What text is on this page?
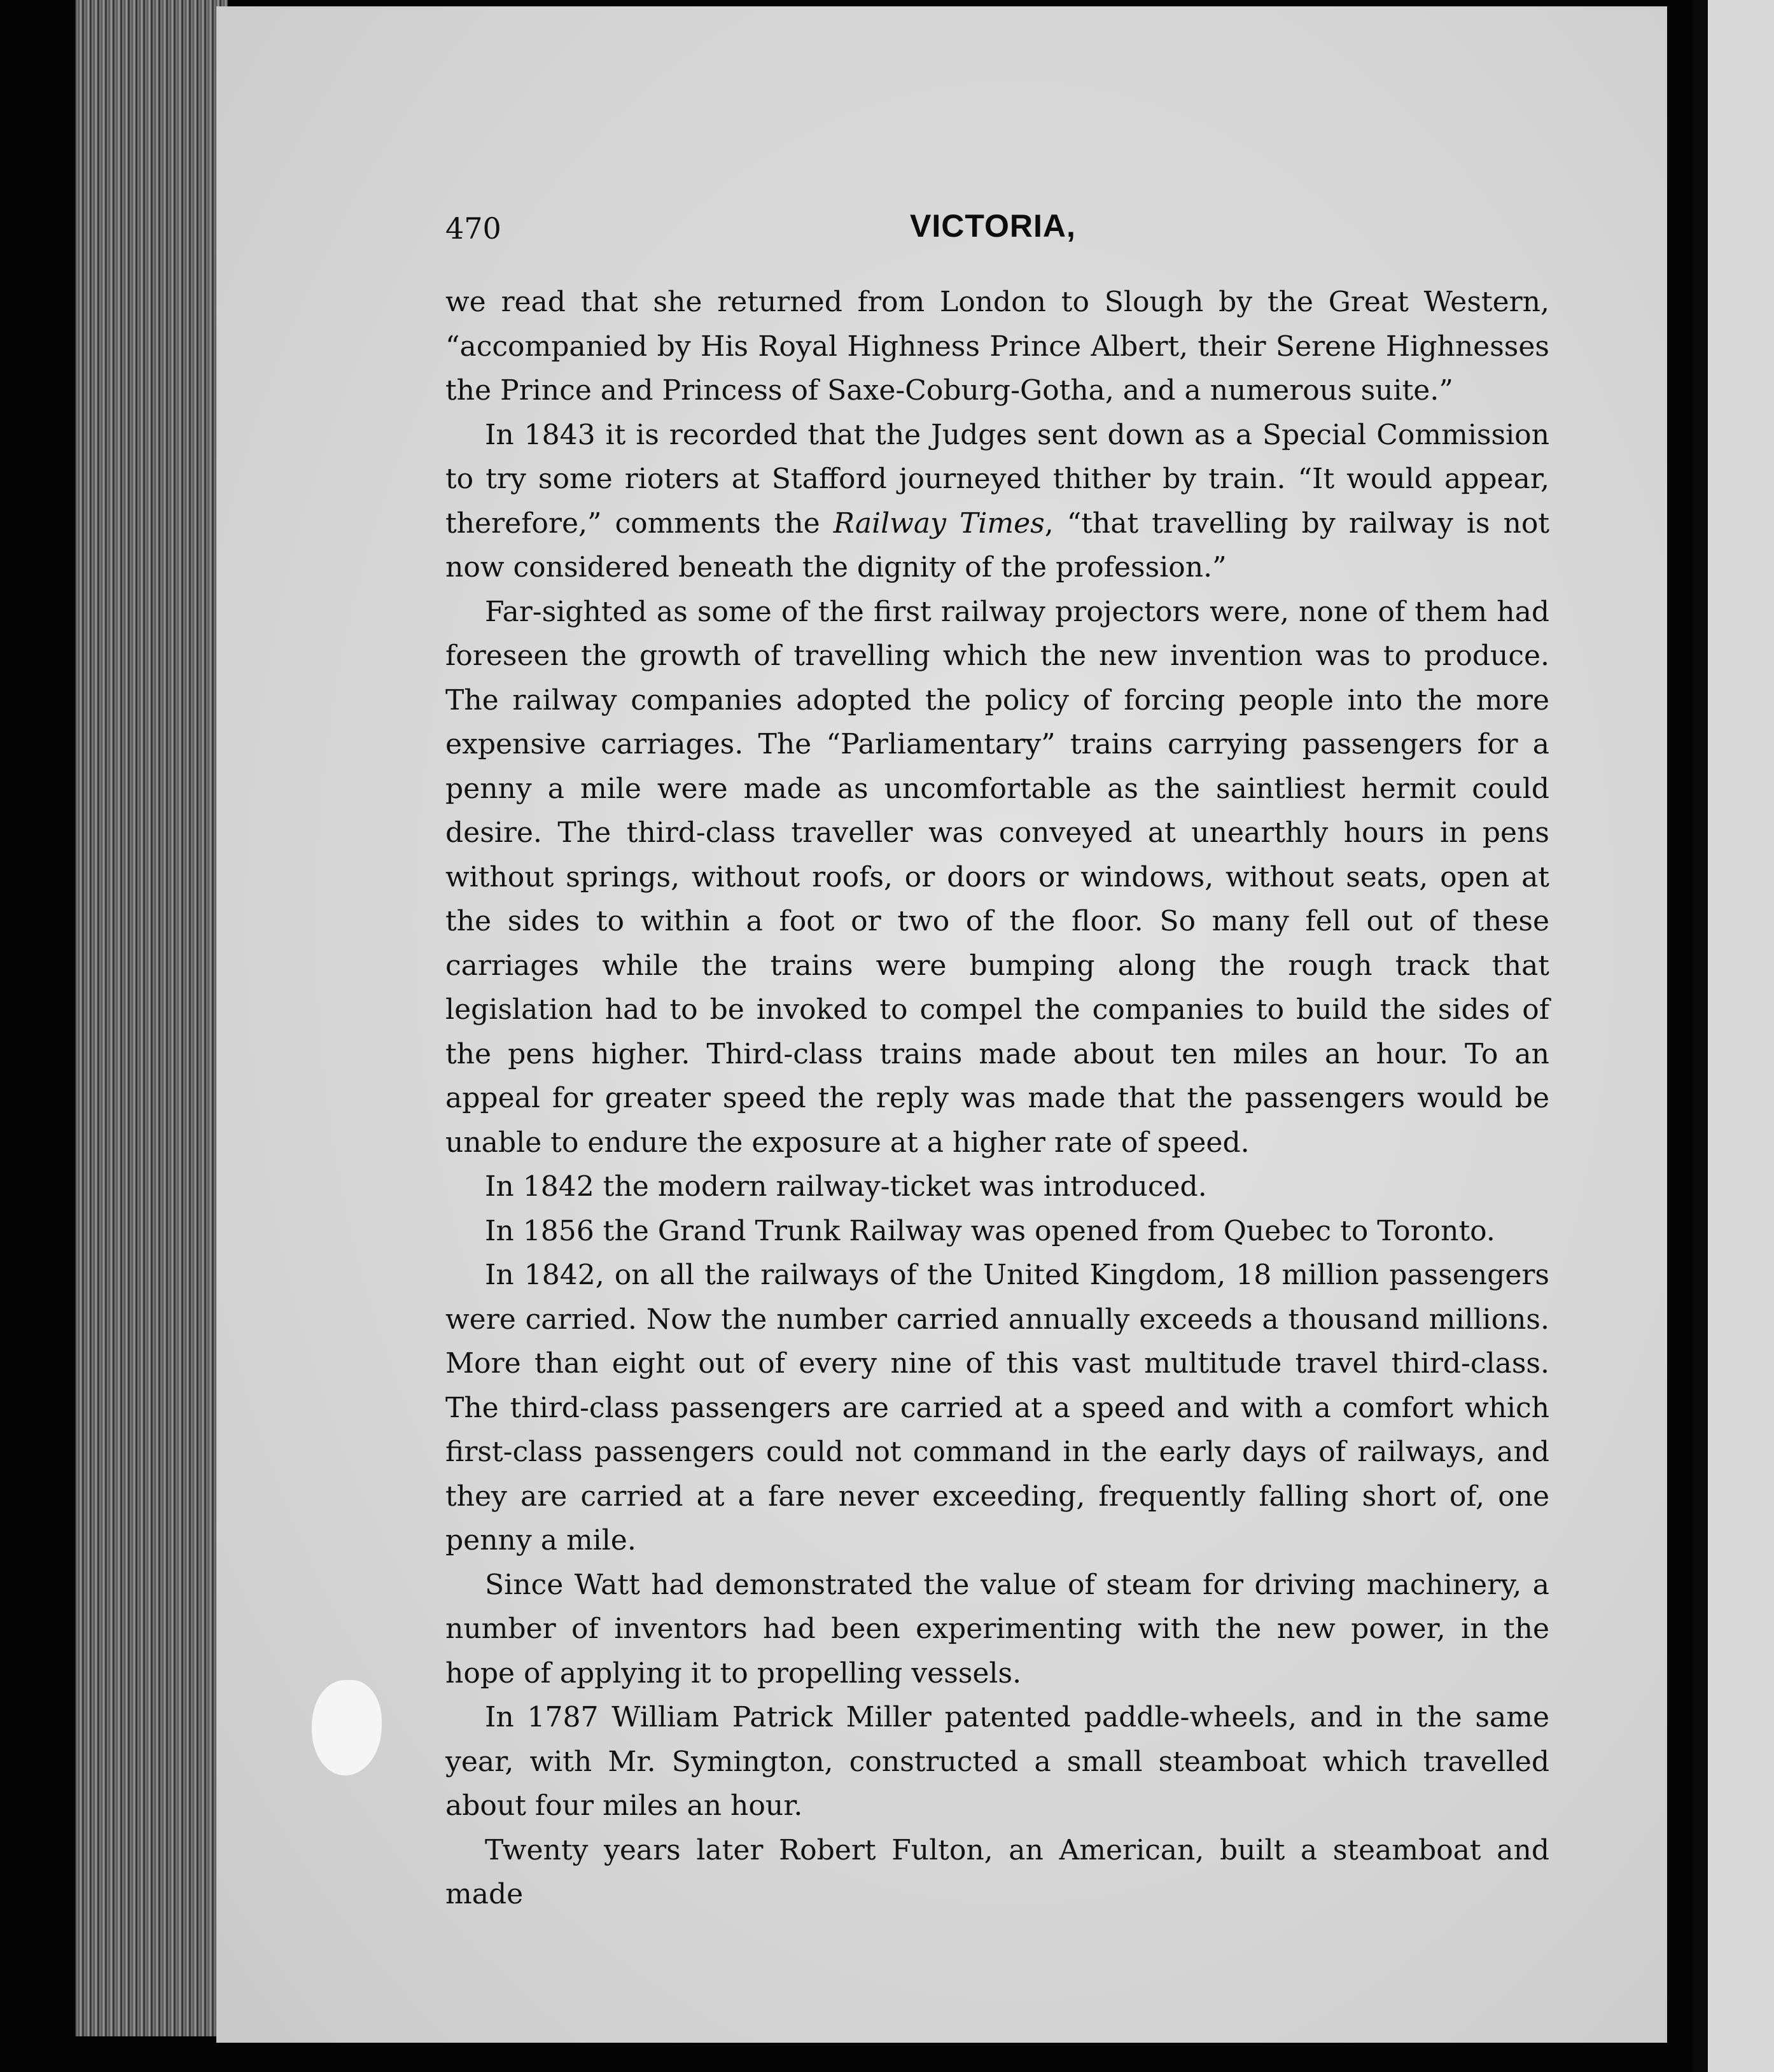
470	VICTORIA,

we read that she returned from London to Slough by the Great Western, “accompanied by His Royal Highness Prince Albert, their Serene Highnesses the Prince and Princess of Saxe-Coburg-Gotha, and a numerous suite.”

In 1843 it is recorded that the Judges sent down as a Special Commission to try some rioters at Stafford journeyed thither by train. “It would appear, therefore,” comments the Railway Times, “that travelling by railway is not now considered beneath the dignity of the profession.”

Far-sighted as some of the first railway projectors were, none of them had foreseen the growth of travelling which the new invention was to produce. The railway companies adopted the policy of forcing people into the more expensive carriages. The “Parliamentary” trains carrying passengers for a penny a mile were made as uncomfortable as the saintliest hermit could desire. The third-class traveller was conveyed at unearthly hours in pens without springs, without roofs, or doors or windows, without seats, open at the sides to within a foot or two of the floor. So many fell out of these carriages while the trains were bumping along the rough track that legislation had to be invoked to compel the companies to build the sides of the pens higher. Third-class trains made about ten miles an hour. To an appeal for greater speed the reply was made that the passengers would be unable to endure the exposure at a higher rate of speed.

In 1842 the modern railway-ticket was introduced.

In 1856 the Grand Trunk Railway was opened from Quebec to Toronto.

In 1842, on all the railways of the United Kingdom, 18 million passengers were carried. Now the number carried annually exceeds a thousand millions. More than eight out of every nine of this vast multitude travel third-class. The third-class passengers are carried at a speed and with a comfort which first-class passengers could not command in the early days of railways, and they are carried at a fare never exceeding, frequently falling short of, one penny a mile.

Since Watt had demonstrated the value of steam for driving machinery, a number of inventors had been experimenting with the new power, in the hope of applying it to propelling vessels.

In 1787 William Patrick Miller patented paddle-wheels, and in the same year, with Mr. Symington, constructed a small steamboat which travelled about four miles an hour.

Twenty years later Robert Fulton, an American, built a steamboat and made
